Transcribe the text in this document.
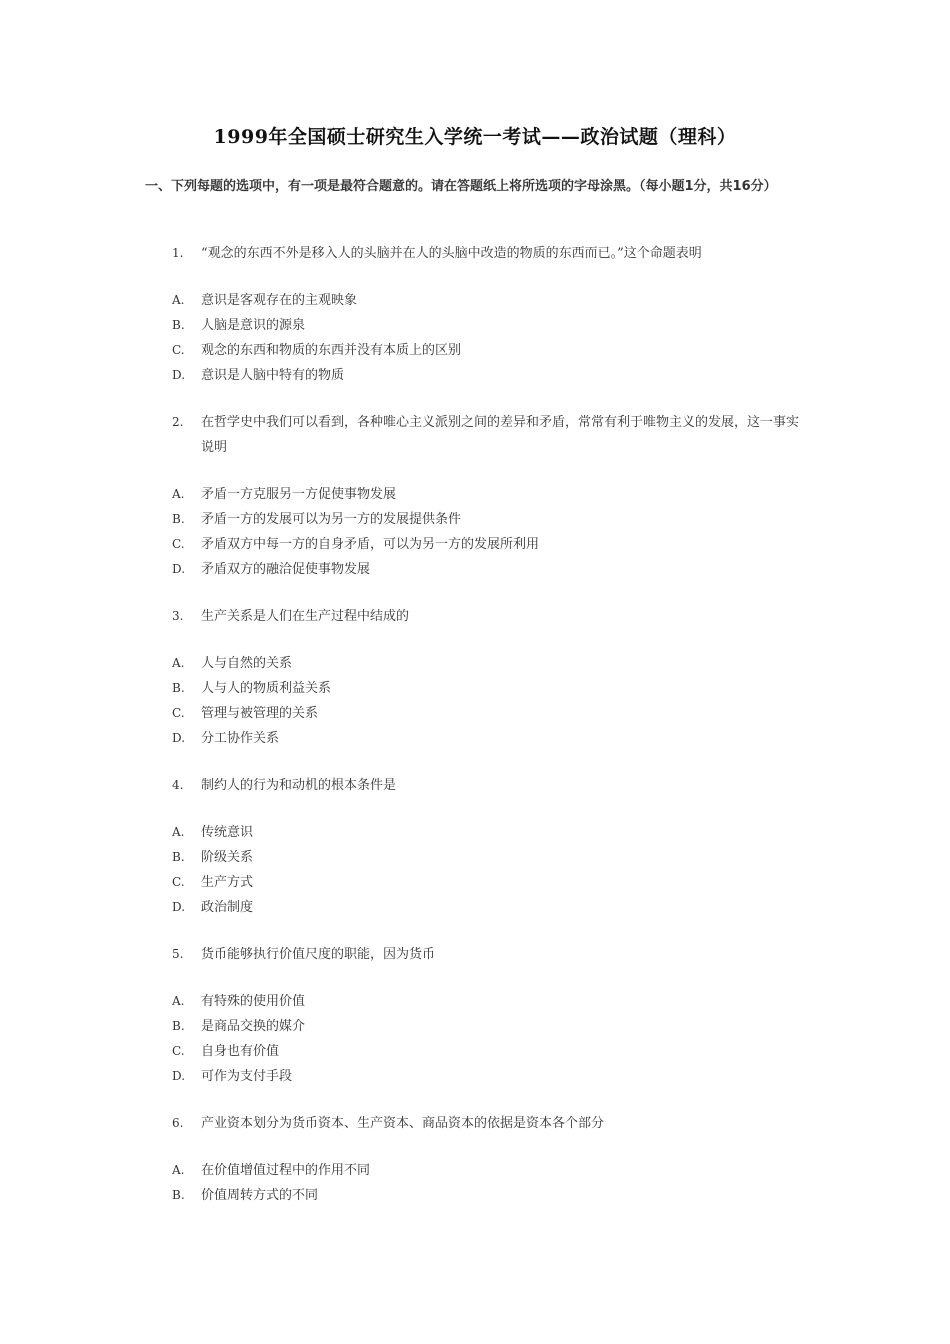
1999年全国硕士研究生入学统一考试——政治试题（理科）
一、下列每题的选项中，有一项是最符合题意的。请在答题纸上将所选项的字母涂黑。（每小题1分，共16分）
1. “观念的东西不外是移入人的头脑并在人的头脑中改造的物质的东西而已。”这个命题表明
A. 意识是客观存在的主观映象
B. 人脑是意识的源泉
C. 观念的东西和物质的东西并没有本质上的区别
D. 意识是人脑中特有的物质
2. 在哲学史中我们可以看到，各种唯心主义派别之间的差异和矛盾，常常有利于唯物主义的发展，这一事实说明
A. 矛盾一方克服另一方促使事物发展
B. 矛盾一方的发展可以为另一方的发展提供条件
C. 矛盾双方中每一方的自身矛盾，可以为另一方的发展所利用
D. 矛盾双方的融洽促使事物发展
3. 生产关系是人们在生产过程中结成的
A. 人与自然的关系
B. 人与人的物质利益关系
C. 管理与被管理的关系
D. 分工协作关系
4. 制约人的行为和动机的根本条件是
A. 传统意识
B. 阶级关系
C. 生产方式
D. 政治制度
5. 货币能够执行价值尺度的职能，因为货币
A. 有特殊的使用价值
B. 是商品交换的媒介
C. 自身也有价值
D. 可作为支付手段
6. 产业资本划分为货币资本、生产资本、商品资本的依据是资本各个部分
A. 在价值增值过程中的作用不同
B. 价值周转方式的不同
